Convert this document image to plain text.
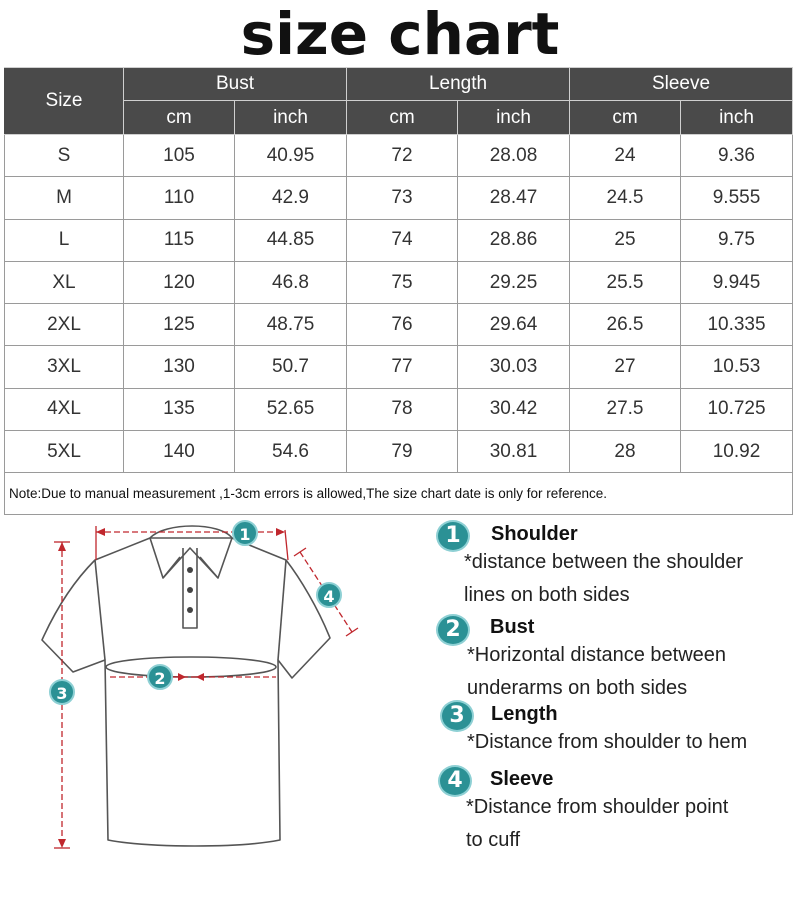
size chart
Size	Bust		Length		Sleeve	
	cm	inch	cm	inch	cm	inch
S	105	40.95	72	28.08	24	9.36
M	110	42.9	73	28.47	24.5	9.555
L	115	44.85	74	28.86	25	9.75
XL	120	46.8	75	29.25	25.5	9.945
2XL	125	48.75	76	29.64	26.5	10.335
3XL	130	50.7	77	30.03	27	10.53
4XL	135	52.65	78	30.42	27.5	10.725
5XL	140	54.6	79	30.81	28	10.92
Note:Due to manual measurement ,1-3cm errors is allowed,The size chart date is only for reference.						
1
2
3
4
1	Shoulder
*distance between the shoulder
lines on both sides
2	Bust
*Horizontal distance between
underarms on both sides
3	Length
*Distance from shoulder to hem
4	Sleeve
*Distance from shoulder point
to cuff
